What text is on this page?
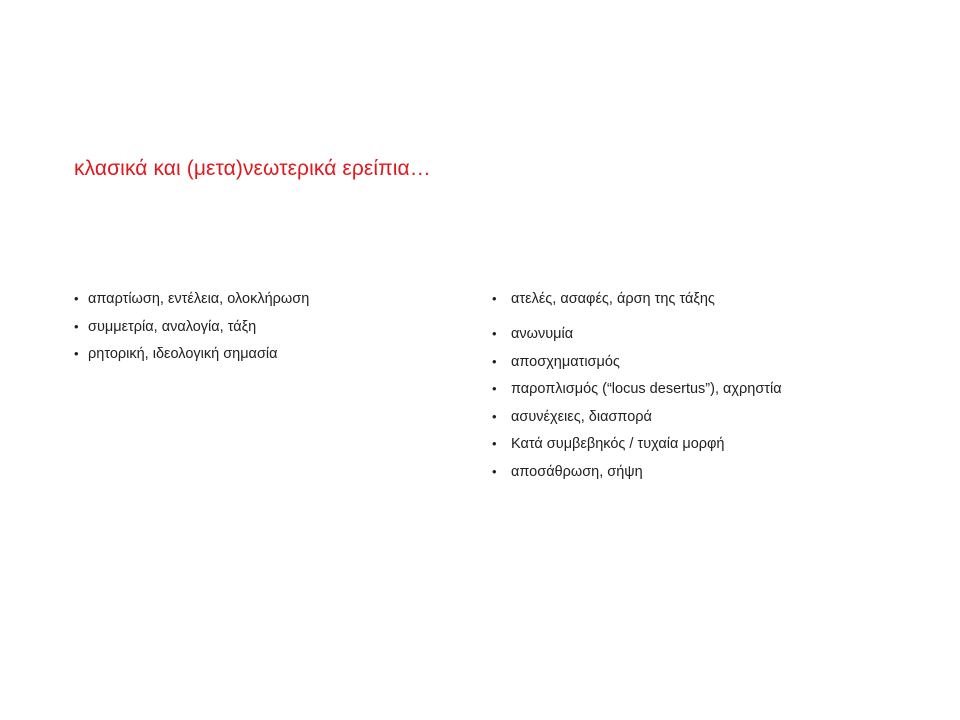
κλασικά και (μετα)νεωτερικά ερείπια…
• απαρτίωση, εντέλεια, ολοκλήρωση
• συμμετρία, αναλογία, τάξη
• ρητορική, ιδεολογική σημασία
• ατελές, ασαφές, άρση της τάξης
• ανωνυμία
• αποσχηματισμός
• παροπλισμός (“locus desertus”), αχρηστία
• ασυνέχειες, διασπορά
• Κατά συμβεβηκός / τυχαία μορφή
• αποσάθρωση, σήψη
